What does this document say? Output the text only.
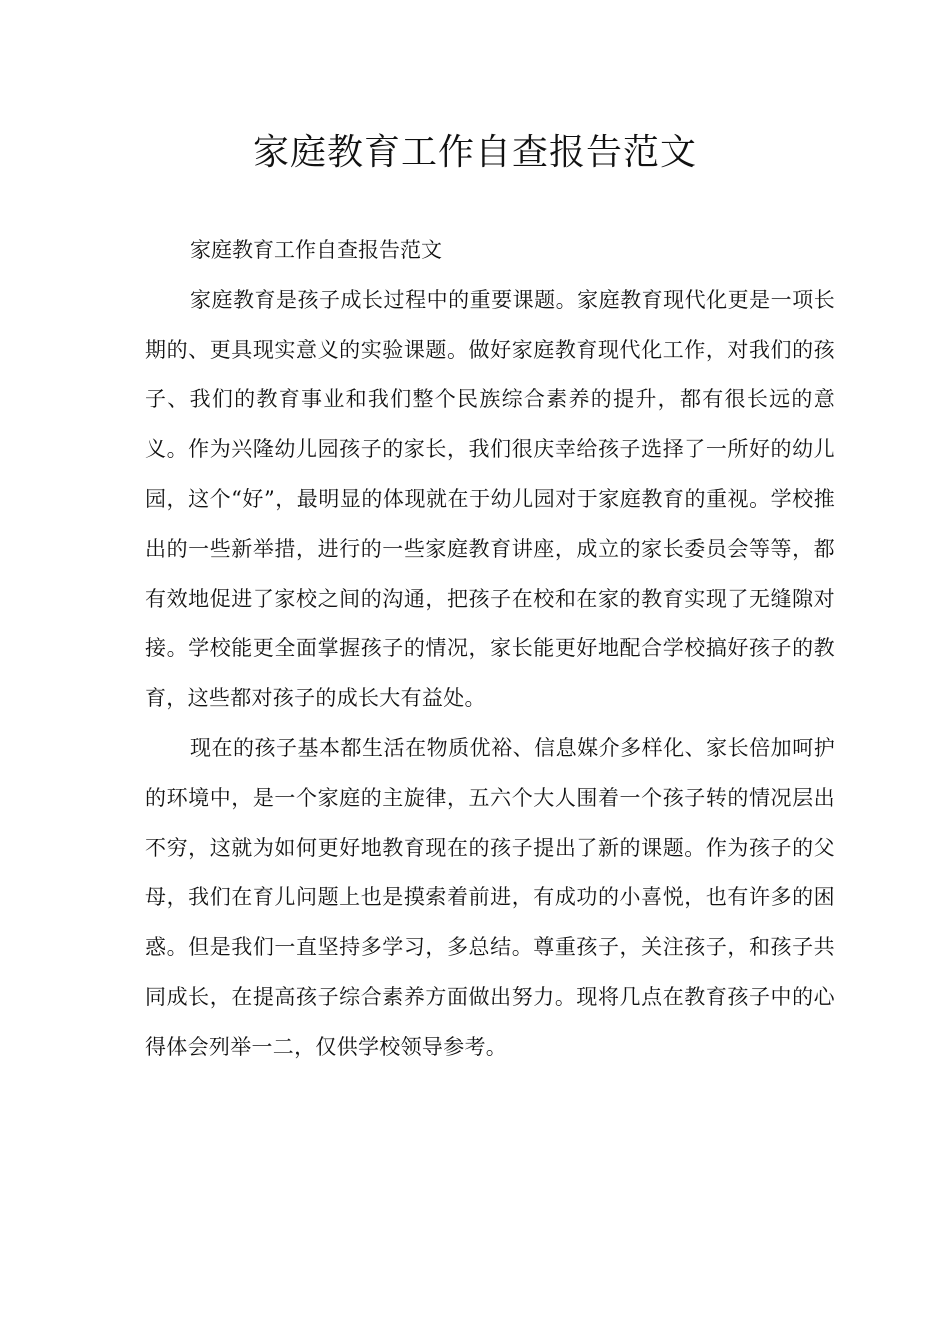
家庭教育工作自查报告范文

家庭教育工作自查报告范文

家庭教育是孩子成长过程中的重要课题。家庭教育现代化更是一项长期的、更具现实意义的实验课题。做好家庭教育现代化工作，对我们的孩子、我们的教育事业和我们整个民族综合素养的提升，都有很长远的意义。作为兴隆幼儿园孩子的家长，我们很庆幸给孩子选择了一所好的幼儿园，这个“好”，最明显的体现就在于幼儿园对于家庭教育的重视。学校推出的一些新举措，进行的一些家庭教育讲座，成立的家长委员会等等，都有效地促进了家校之间的沟通，把孩子在校和在家的教育实现了无缝隙对接。学校能更全面掌握孩子的情况，家长能更好地配合学校搞好孩子的教育，这些都对孩子的成长大有益处。

现在的孩子基本都生活在物质优裕、信息媒介多样化、家长倍加呵护的环境中，是一个家庭的主旋律，五六个大人围着一个孩子转的情况层出不穷，这就为如何更好地教育现在的孩子提出了新的课题。作为孩子的父母，我们在育儿问题上也是摸索着前进，有成功的小喜悦，也有许多的困惑。但是我们一直坚持多学习，多总结。尊重孩子，关注孩子，和孩子共同成长，在提高孩子综合素养方面做出努力。现将几点在教育孩子中的心得体会列举一二，仅供学校领导参考。
